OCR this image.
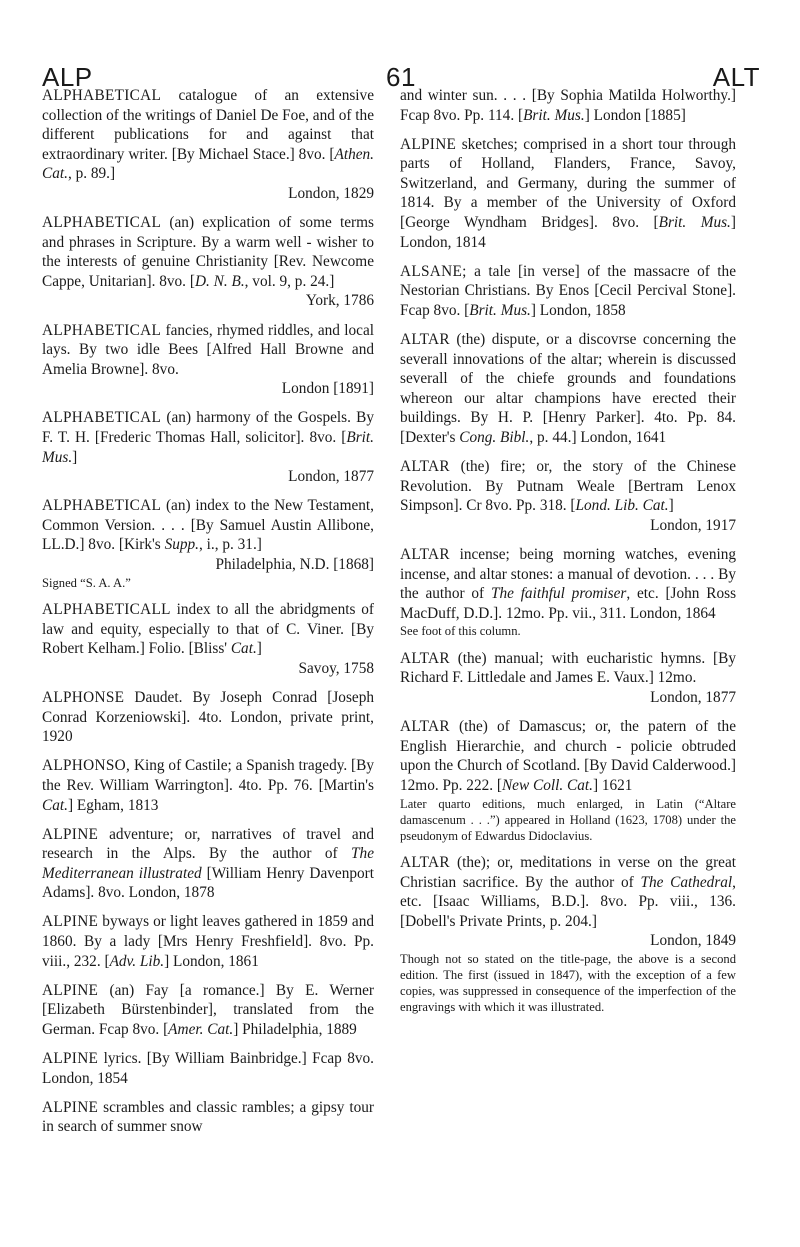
ALP	61	ALT

ALPHABETICAL catalogue of an extensive collection of the writings of Daniel De Foe, and of the different publications for and against that extraordinary writer. [By Michael Stace.] 8vo. [Athen. Cat., p. 89.]

London, 1829

ALPHABETICAL (an) explication of some terms and phrases in Scripture. By a warm well - wisher to the interests of genuine Christianity [Rev. Newcome Cappe, Unitarian]. 8vo. [D. N. B., vol. 9, p. 24.]

York, 1786

ALPHABETICAL fancies, rhymed riddles, and local lays. By two idle Bees [Alfred Hall Browne and Amelia Browne]. 8vo.

London [1891]

ALPHABETICAL (an) harmony of the Gospels. By F. T. H. [Frederic Thomas Hall, solicitor]. 8vo. [Brit. Mus.]

London, 1877

ALPHABETICAL (an) index to the New Testament, Common Version. . . . [By Samuel Austin Allibone, LL.D.] 8vo. [Kirk's Supp., i., p. 31.]

Philadelphia, N.D. [1868]

Signed “S. A. A.”

ALPHABETICALL index to all the abridgments of law and equity, especially to that of C. Viner. [By Robert Kelham.] Folio. [Bliss' Cat.]

Savoy, 1758

ALPHONSE Daudet. By Joseph Conrad [Joseph Conrad Korzeniowski]. 4to. London, private print, 1920

ALPHONSO, King of Castile; a Spanish tragedy. [By the Rev. William Warrington]. 4to. Pp. 76. [Martin's Cat.] Egham, 1813

ALPINE adventure; or, narratives of travel and research in the Alps. By the author of The Mediterranean illustrated [William Henry Davenport Adams]. 8vo. London, 1878

ALPINE byways or light leaves gathered in 1859 and 1860. By a lady [Mrs Henry Freshfield]. 8vo. Pp. viii., 232. [Adv. Lib.] London, 1861

ALPINE (an) Fay [a romance.] By E. Werner [Elizabeth Bürstenbinder], translated from the German. Fcap 8vo. [Amer. Cat.] Philadelphia, 1889

ALPINE lyrics. [By William Bainbridge.] Fcap 8vo. London, 1854

ALPINE scrambles and classic rambles; a gipsy tour in search of summer snow

and winter sun. . . . [By Sophia Matilda Holworthy.] Fcap 8vo. Pp. 114. [Brit. Mus.] London [1885]

ALPINE sketches; comprised in a short tour through parts of Holland, Flanders, France, Savoy, Switzerland, and Germany, during the summer of 1814. By a member of the University of Oxford [George Wyndham Bridges]. 8vo. [Brit. Mus.] London, 1814

ALSANE; a tale [in verse] of the massacre of the Nestorian Christians. By Enos [Cecil Percival Stone]. Fcap 8vo. [Brit. Mus.] London, 1858

ALTAR (the) dispute, or a discovrse concerning the severall innovations of the altar; wherein is discussed severall of the chiefe grounds and foundations whereon our altar champions have erected their buildings. By H. P. [Henry Parker]. 4to. Pp. 84. [Dexter's Cong. Bibl., p. 44.] London, 1641

ALTAR (the) fire; or, the story of the Chinese Revolution. By Putnam Weale [Bertram Lenox Simpson]. Cr 8vo. Pp. 318. [Lond. Lib. Cat.]

London, 1917

ALTAR incense; being morning watches, evening incense, and altar stones: a manual of devotion. . . . By the author of The faithful promiser, etc. [John Ross MacDuff, D.D.]. 12mo. Pp. vii., 311. London, 1864

See foot of this column.

ALTAR (the) manual; with eucharistic hymns. [By Richard F. Littledale and James E. Vaux.] 12mo.

London, 1877

ALTAR (the) of Damascus; or, the patern of the English Hierarchie, and church - policie obtruded upon the Church of Scotland. [By David Calderwood.] 12mo. Pp. 222. [New Coll. Cat.] 1621

Later quarto editions, much enlarged, in Latin (“Altare damascenum . . .”) appeared in Holland (1623, 1708) under the pseudonym of Edwardus Didoclavius.

ALTAR (the); or, meditations in verse on the great Christian sacrifice. By the author of The Cathedral, etc. [Isaac Williams, B.D.]. 8vo. Pp. viii., 136. [Dobell's Private Prints, p. 204.]

London, 1849

Though not so stated on the title-page, the above is a second edition. The first (issued in 1847), with the exception of a few copies, was suppressed in consequence of the imperfection of the engravings with which it was illustrated.
